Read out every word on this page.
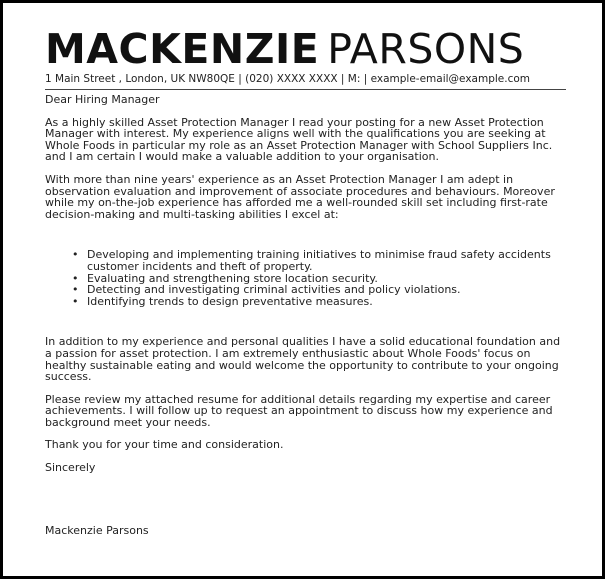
MACKENZIE PARSONS
1 Main Street , London, UK NW80QE | (020) XXXX XXXX | M: | example-email@example.com

Dear Hiring Manager

As a highly skilled Asset Protection Manager I read your posting for a new Asset Protection Manager with interest. My experience aligns well with the qualifications you are seeking at Whole Foods in particular my role as an Asset Protection Manager with School Suppliers Inc. and I am certain I would make a valuable addition to your organisation.

With more than nine years' experience as an Asset Protection Manager I am adept in observation evaluation and improvement of associate procedures and behaviours. Moreover while my on-the-job experience has afforded me a well-rounded skill set including first-rate decision-making and multi-tasking abilities I excel at:

• Developing and implementing training initiatives to minimise fraud safety accidents customer incidents and theft of property.
• Evaluating and strengthening store location security.
• Detecting and investigating criminal activities and policy violations.
• Identifying trends to design preventative measures.

In addition to my experience and personal qualities I have a solid educational foundation and a passion for asset protection. I am extremely enthusiastic about Whole Foods' focus on healthy sustainable eating and would welcome the opportunity to contribute to your ongoing success.

Please review my attached resume for additional details regarding my expertise and career achievements. I will follow up to request an appointment to discuss how my experience and background meet your needs.

Thank you for your time and consideration.

Sincerely

Mackenzie Parsons
